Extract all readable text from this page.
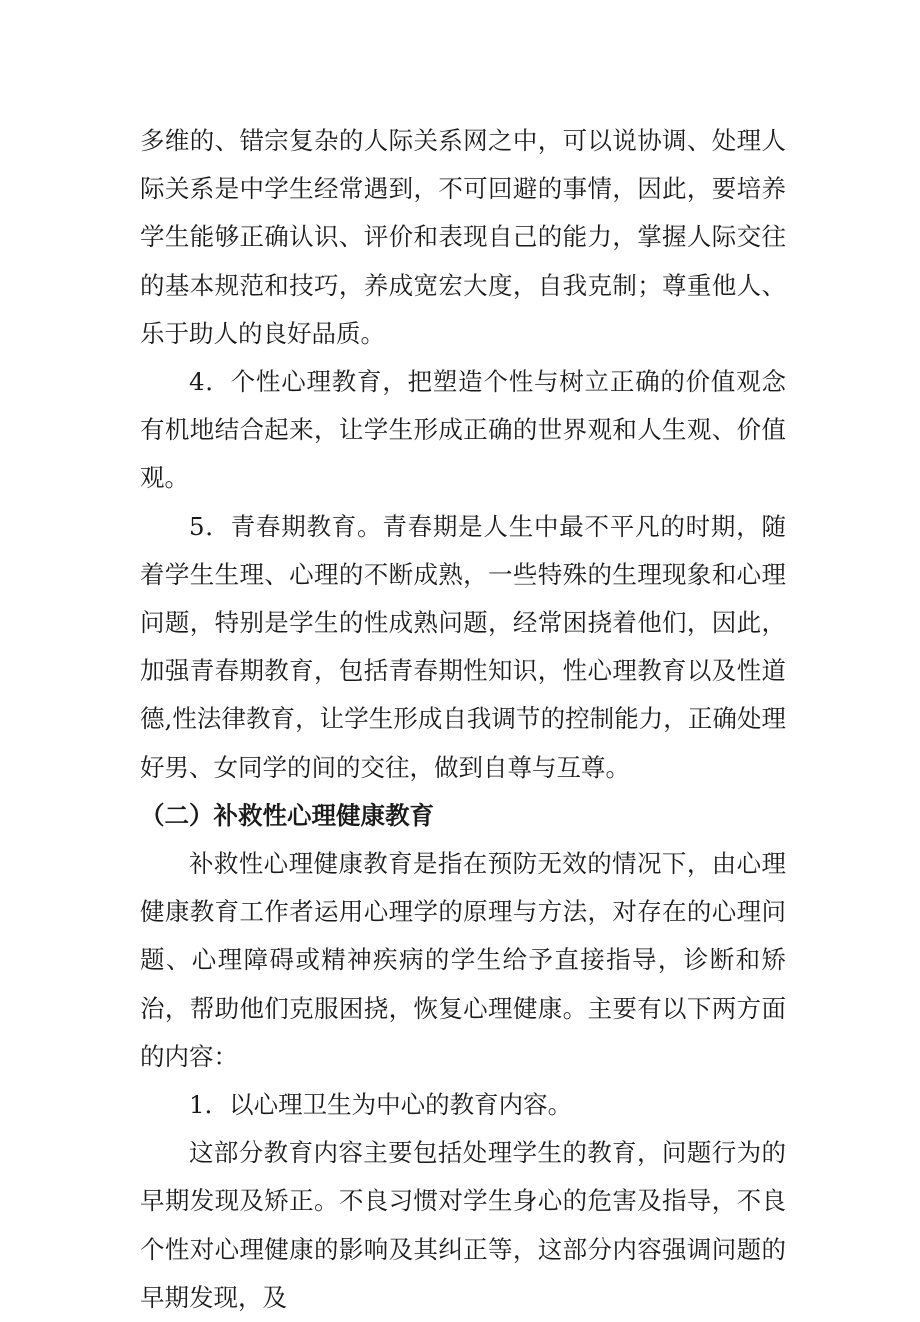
多维的、错宗复杂的人际关系网之中，可以说协调、处理人际关系是中学生经常遇到，不可回避的事情，因此，要培养学生能够正确认识、评价和表现自己的能力，掌握人际交往的基本规范和技巧，养成宽宏大度，自我克制；尊重他人、乐于助人的良好品质。

4．个性心理教育，把塑造个性与树立正确的价值观念有机地结合起来，让学生形成正确的世界观和人生观、价值观。

5．青春期教育。青春期是人生中最不平凡的时期，随着学生生理、心理的不断成熟，一些特殊的生理现象和心理问题，特别是学生的性成熟问题，经常困挠着他们，因此，加强青春期教育，包括青春期性知识，性心理教育以及性道德,性法律教育，让学生形成自我调节的控制能力，正确处理好男、女同学的间的交往，做到自尊与互尊。

（二）补救性心理健康教育

补救性心理健康教育是指在预防无效的情况下，由心理健康教育工作者运用心理学的原理与方法，对存在的心理问题、心理障碍或精神疾病的学生给予直接指导，诊断和矫治，帮助他们克服困挠，恢复心理健康。主要有以下两方面的内容：

1．以心理卫生为中心的教育内容。

这部分教育内容主要包括处理学生的教育，问题行为的早期发现及矫正。不良习惯对学生身心的危害及指导，不良个性对心理健康的影响及其纠正等，这部分内容强调问题的早期发现，及
